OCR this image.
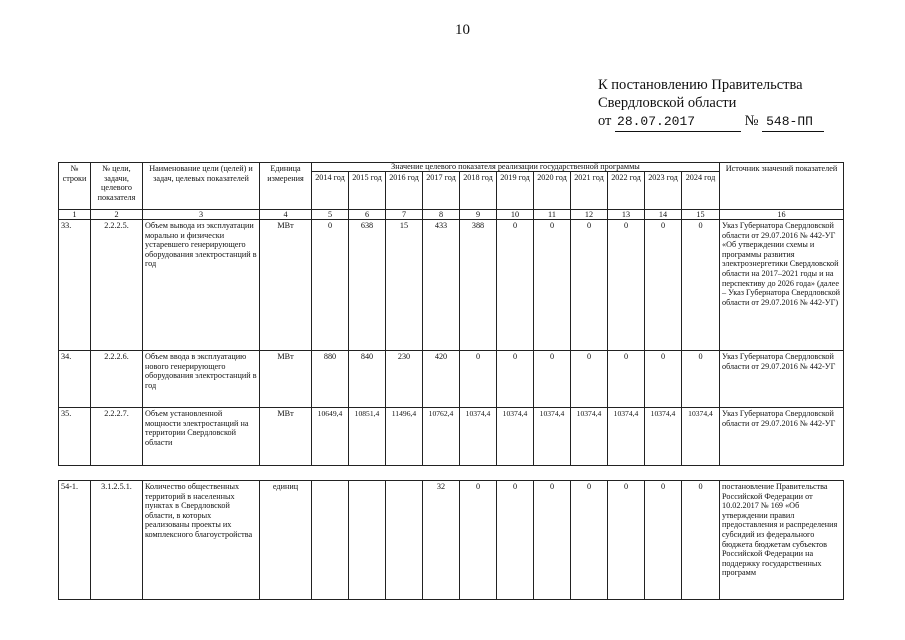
10
К постановлению Правительства
Свердловской области
от 28.07.2017	№ 548-ПП
№ строки	№ цели, задачи, целевого показателя	Наименование цели (целей) и задач, целевых показателей	Единица измерения	Значение целевого показателя реализации государственной программы											Источник значений показателей
				2014 год	2015 год	2016 год	2017 год	2018 год	2019 год	2020 год	2021 год	2022 год	2023 год	2024 год	
1	2	3	4	5	6	7	8	9	10	11	12	13	14	15	16
33.	2.2.2.5.	Объем вывода из эксплуатации морально и физически устаревшего генерирующего оборудования электростанций в год	МВт	0	638	15	433	388	0	0	0	0	0	0	Указ Губернатора Свердловской области от 29.07.2016 № 442-УГ «Об утверждении схемы и программы развития электроэнергетики Свердловской области на 2017–2021 годы и на перспективу до 2026 года» (далее – Указ Губернатора Свердловской области от 29.07.2016 № 442-УГ)
34.	2.2.2.6.	Объем ввода в эксплуатацию нового генерирующего оборудования электростанций в год	МВт	880	840	230	420	0	0	0	0	0	0	0	Указ Губернатора Свердловской области от 29.07.2016 № 442-УГ
35.	2.2.2.7.	Объем установленной мощности электростанций на территории Свердловской области	МВт	10649,4	10851,4	11496,4	10762,4	10374,4	10374,4	10374,4	10374,4	10374,4	10374,4	10374,4	Указ Губернатора Свердловской области от 29.07.2016 № 442-УГ
54-1.	3.1.2.5.1.	Количество общественных территорий в населенных пунктах в Свердловской области, в которых реализованы проекты их комплексного благоустройства	единиц				32	0	0	0	0	0	0	0	постановление Правительства Российской Федерации от 10.02.2017 № 169 «Об утверждении правил предоставления и распределения субсидий из федерального бюджета бюджетам субъектов Российской Федерации на поддержку государственных программ
